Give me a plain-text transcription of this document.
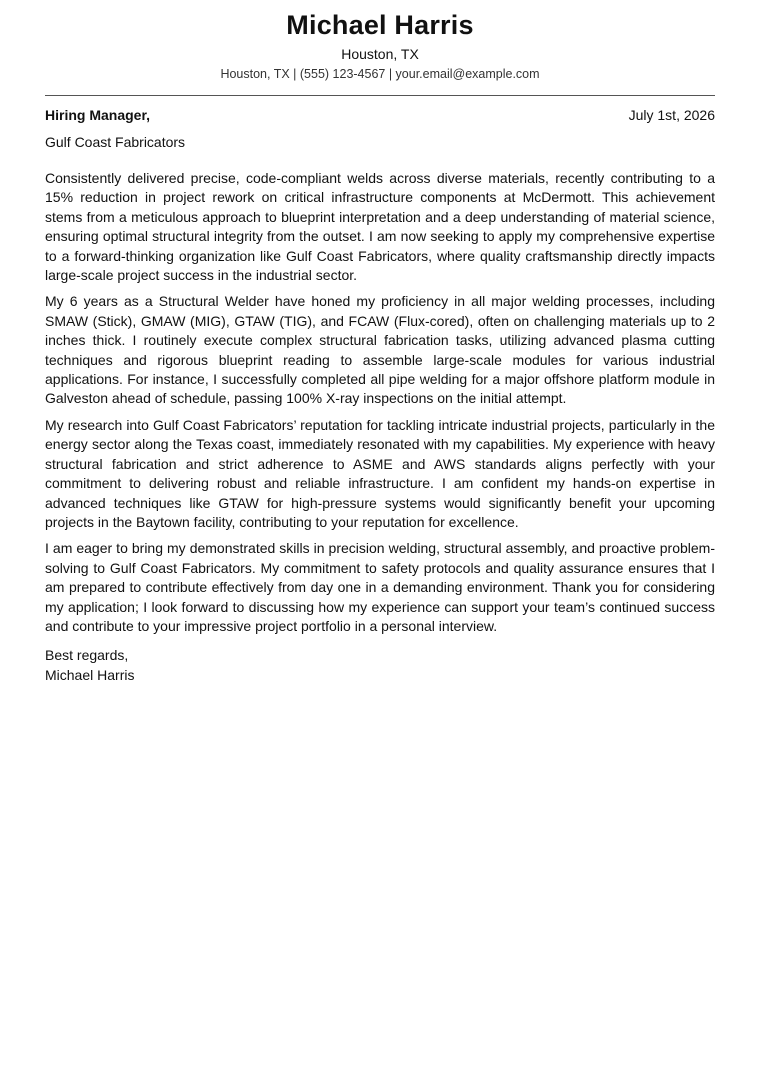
Michael Harris
Houston, TX
Houston, TX | (555) 123-4567 | your.email@example.com
Hiring Manager,	July 1st, 2026
Gulf Coast Fabricators

Consistently delivered precise, code-compliant welds across diverse materials, recently contributing to a 15% reduction in project rework on critical infrastructure components at McDermott. This achievement stems from a meticulous approach to blueprint interpretation and a deep understanding of material science, ensuring optimal structural integrity from the outset. I am now seeking to apply my comprehensive expertise to a forward-thinking organization like Gulf Coast Fabricators, where quality craftsmanship directly impacts large-scale project success in the industrial sector.

My 6 years as a Structural Welder have honed my proficiency in all major welding processes, including SMAW (Stick), GMAW (MIG), GTAW (TIG), and FCAW (Flux-cored), often on challenging materials up to 2 inches thick. I routinely execute complex structural fabrication tasks, utilizing advanced plasma cutting techniques and rigorous blueprint reading to assemble large-scale modules for various industrial applications. For instance, I successfully completed all pipe welding for a major offshore platform module in Galveston ahead of schedule, passing 100% X-ray inspections on the initial attempt.

My research into Gulf Coast Fabricators’ reputation for tackling intricate industrial projects, particularly in the energy sector along the Texas coast, immediately resonated with my capabilities. My experience with heavy structural fabrication and strict adherence to ASME and AWS standards aligns perfectly with your commitment to delivering robust and reliable infrastructure. I am confident my hands-on expertise in advanced techniques like GTAW for high-pressure systems would significantly benefit your upcoming projects in the Baytown facility, contributing to your reputation for excellence.

I am eager to bring my demonstrated skills in precision welding, structural assembly, and proactive problem-solving to Gulf Coast Fabricators. My commitment to safety protocols and quality assurance ensures that I am prepared to contribute effectively from day one in a demanding environment. Thank you for considering my application; I look forward to discussing how my experience can support your team’s continued success and contribute to your impressive project portfolio in a personal interview.

Best regards,
Michael Harris
